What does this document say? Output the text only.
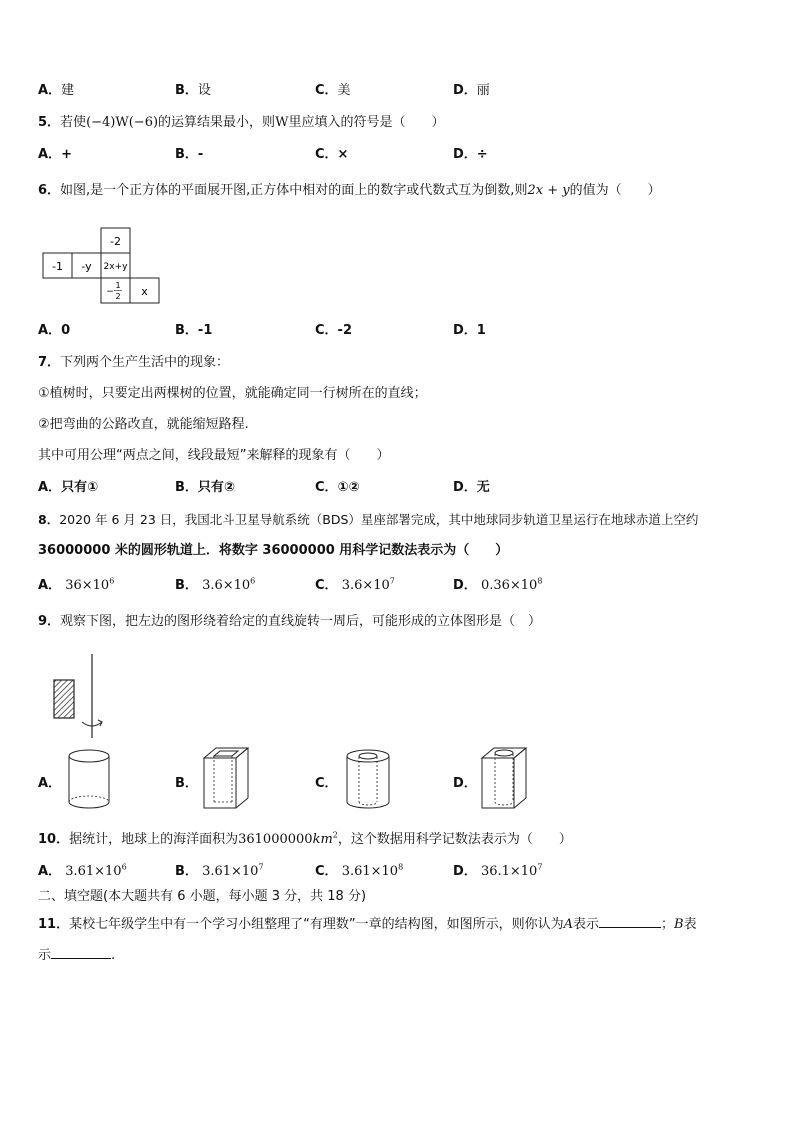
A．建	B．设	C．美	D．丽
5．若使(−4)W(−6)的运算结果最小，则W里应填入的符号是（　　）
A．+	B．-	C．×	D．÷
6．如图,是一个正方体的平面展开图,正方体中相对的面上的数字或代数式互为倒数,则2x + y的值为（　　）
-2
-1 -y 2x+y
−
1
2 x
A．0	B．-1	C．-2	D．1
7．下列两个生产生活中的现象：
①植树时，只要定出两棵树的位置，就能确定同一行树所在的直线；
②把弯曲的公路改直，就能缩短路程.
其中可用公理“两点之间，线段最短”来解释的现象有（　　）
A．只有①	B．只有②	C．①②	D．无
8．2020 年 6 月 23 日，我国北斗卫星导航系统（BDS）星座部署完成，其中地球同步轨道卫星运行在地球赤道上空约
36000000 米的圆形轨道上．将数字 36000000 用科学记数法表示为（　　）
A． $36\times 10^6$	B． $3.6\times 10^6$	C． $3.6\times 10^7$	D． $0.36\times 10^8$
9．观察下图，把左边的图形绕着给定的直线旋转一周后，可能形成的立体图形是（　）
A．	B．	C．	D．
10．据统计，地球上的海洋面积为$361000000km^2$，这个数据用科学记数法表示为（　　）
A． $3.61\times 10^6$	B． $3.61\times 10^7$	C． $3.61\times 10^8$	D． $36.1\times 10^7$
二、填空题(本大题共有 6 小题，每小题 3 分，共 18 分)
11．某校七年级学生中有一个学习小组整理了“有理数”一章的结构图，如图所示，则你认为A表示	；B表
示	.
